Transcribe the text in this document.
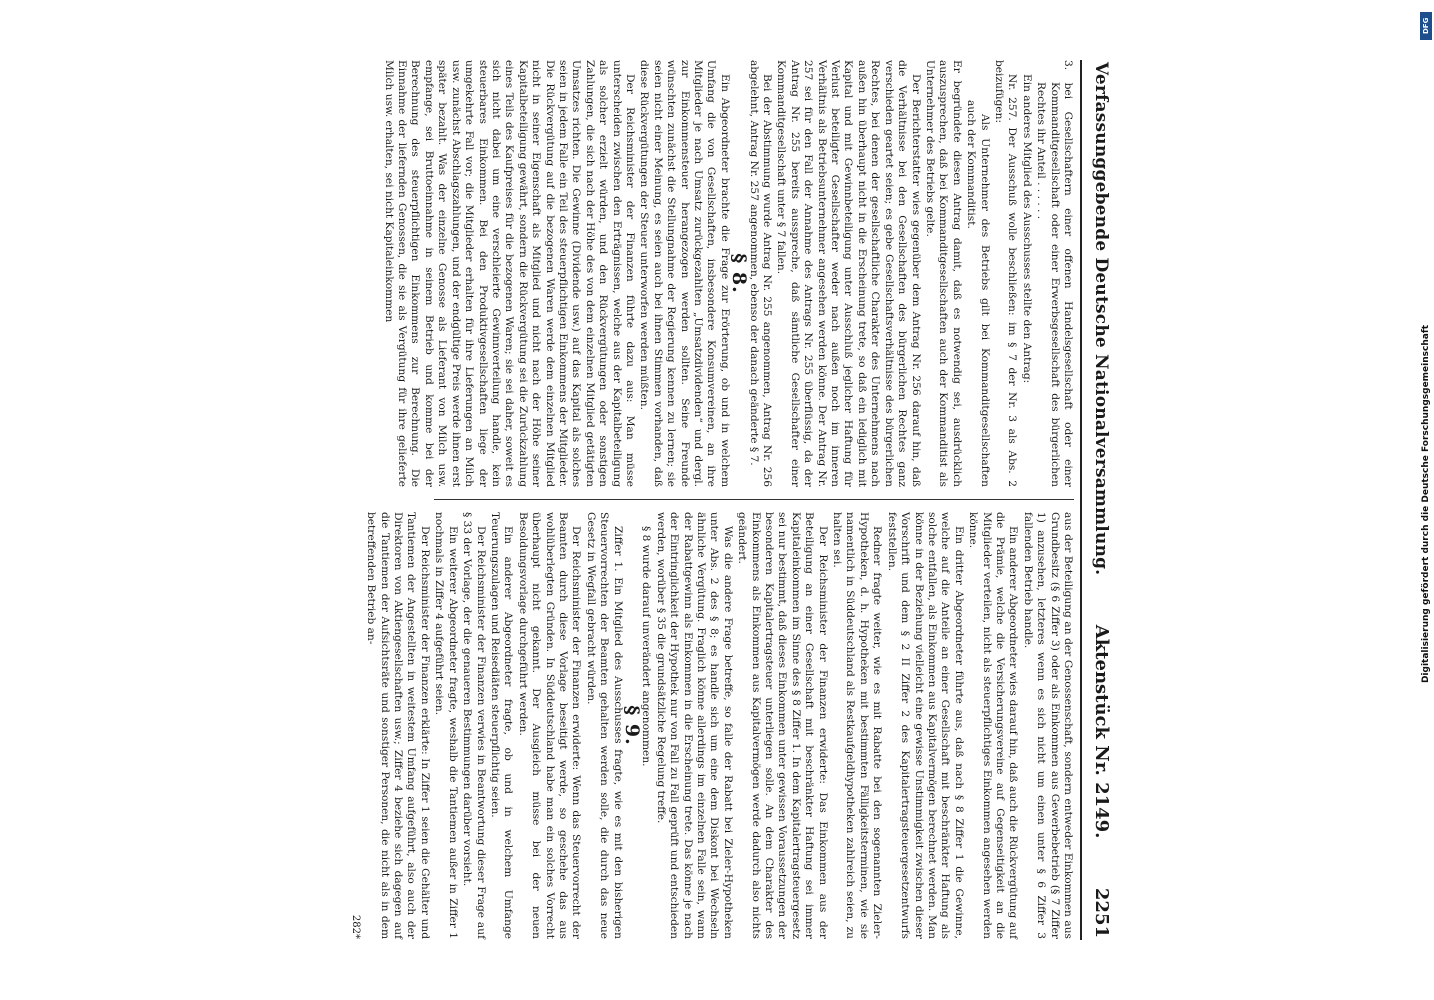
Verfassunggebende Deutsche Nationalversammlung.
Aktenstück Nr. 2149.
2251

3. bei Gesellschaftern einer offenen Handelsgesellschaft oder einer Kommanditgesellschaft oder einer Erwerbsgesellschaft des bürgerlichen Rechtes ihr Anteil . . . . . .

Ein anderes Mitglied des Ausschusses stellte den Antrag:

Nr. 257. Der Ausschuß wolle beschließen: im § 7 der Nr. 3 als Abs. 2 beizufügen:

Als Unternehmer des Betriebs gilt bei Kommanditgesellschaften auch der Kommanditist.

Er begründete diesen Antrag damit, daß es notwendig sei, ausdrücklich auszusprechen, daß bei Kommanditgesellschaften auch der Kommanditist als Unternehmer des Betriebs gelte.

Der Berichterstatter wies gegenüber dem Antrag Nr. 256 darauf hin, daß die Verhältnisse bei den Gesellschaften des bürgerlichen Rechtes ganz verschieden geartet seien; es gebe Gesellschaftsverhältnisse des bürgerlichen Rechtes, bei denen der gesellschaftliche Charakter des Unternehmens nach außen hin überhaupt nicht in die Erscheinung trete, so daß ein lediglich mit Kapital und mit Gewinnbeteiligung unter Ausschluß jeglicher Haftung für Verlust beteiligter Gesellschafter weder nach außen noch im inneren Verhältnis als Betriebsunternehmer angesehen werden könne. Der Antrag Nr. 257 sei für den Fall der Annahme des Antrags Nr. 255 überflüssig, da der Antrag Nr. 255 bereits ausspreche, daß sämtliche Gesellschafter einer Kommanditgesellschaft unter § 7 fallen.

Bei der Abstimmung wurde Antrag Nr. 255 angenommen, Antrag Nr. 256 abgelehnt, Antrag Nr. 257 angenommen, ebenso der danach geänderte § 7.

§ 8.

Ein Abgeordneter brachte die Frage zur Erörterung, ob und in welchem Umfang die von Gesellschaften, insbesondere Konsumvereinen, an ihre Mitglieder je nach Umsatz zurückgezahlten „Umsatzdividenden“ und dergl. zur Einkommensteuer herangezogen werden sollten. Seine Freunde wünschten zunächst die Stellungnahme der Regierung kennen zu lernen; sie seien nicht einer Meinung, es seien auch bei ihnen Stimmen vorhanden, daß diese Rückvergütungen der Steuer unterworfen werden müßten.

Der Reichsminister der Finanzen führte dazu aus: Man müsse unterscheiden zwischen den Erträgnissen, welche aus der Kapitalbeteiligung als solcher erzielt würden, und den Rückvergütungen oder sonstigen Zahlungen, die sich nach der Höhe des von dem einzelnen Mitglied getätigten Umsatzes richten. Die Gewinne (Dividende usw.) auf das Kapital als solches seien in jedem Falle ein Teil des steuerpflichtigen Einkommens der Mitglieder. Die Rückvergütung auf die bezogenen Waren werde dem einzelnen Mitglied nicht in seiner Eigenschaft als Mitglied und nicht nach der Höhe seiner Kapitalbeteiligung gewährt, sondern die Rückvergütung sei die Zurückzahlung eines Teils des Kaufpreises für die bezogenen Waren; sie sei daher, soweit es sich nicht dabei um eine verschleierte Gewinnverteilung handle, kein steuerbares Einkommen. Bei den Produktivgesellschaften liege der umgekehrte Fall vor; die Mitglieder erhalten für ihre Lieferungen an Milch usw. zunächst Abschlagszahlungen, und der endgültige Preis werde ihnen erst später bezahlt. Was der einzelne Genosse als Lieferant von Milch usw. empfange, sei Bruttoeinnahme in seinem Betrieb und komme bei der Berechnung des steuerpflichtigen Einkommens zur Berechnung. Die Einnahme der liefernden Genossen, die sie als Vergütung für ihre gelieferte Milch usw. erhalten, sei nicht Kapitaleinkommen

aus der Beteiligung an der Genossenschaft, sondern entweder Einkommen aus Grundbesitz (§ 6 Ziffer 3) oder als Einkommen aus Gewerbebetrieb (§ 7 Ziffer 1) anzusehen, letzteres wenn es sich nicht um einen unter § 6 Ziffer 3 fallenden Betrieb handle.

Ein anderer Abgeordneter wies darauf hin, daß auch die Rückvergütung auf die Prämie, welche die Versicherungsvereine auf Gegenseitigkeit an die Mitglieder verteilen, nicht als steuerpflichtiges Einkommen angesehen werden könne.

Ein dritter Abgeordneter führte aus, daß nach § 8 Ziffer 1 die Gewinne, welche auf die Anteile an einer Gesellschaft mit beschränkter Haftung als solche entfallen, als Einkommen aus Kapitalvermögen berechnet werden. Man könne in der Beziehung vielleicht eine gewisse Unstimmigkeit zwischen dieser Vorschrift und dem § 2 II Ziffer 2 des Kapitalertragsteuergesetzentwurfs feststellen.

Redner fragte weiter, wie es mit Rabatte bei den sogenannten Zieler-Hypotheken, d. h. Hypotheken mit bestimmten Fälligkeitsterminen, wie sie namentlich in Süddeutschland als Restkaufgeldhypotheken zahlreich seien, zu halten sei.

Der Reichsminister der Finanzen erwiderte: Das Einkommen aus der Beteiligung an einer Gesellschaft mit beschränkter Haftung sei immer Kapitaleinkommen im Sinne des § 8 Ziffer 1. In dem Kapitalertragsteuergesetz sei nur bestimmt, daß dieses Einkommen unter gewissen Voraussetzungen der besonderen Kapitalertragsteuer unterliegen solle. An dem Charakter des Einkommens als Einkommen aus Kapitalvermögen werde dadurch also nichts geändert.

Was die andere Frage betreffe, so falle der Rabatt bei Zieler-Hypotheken unter Abs. 2 des § 8; es handle sich um eine dem Diskont bei Wechseln ähnliche Vergütung. Fraglich könne allerdings im einzelnen Falle sein, wann der Rabattgewinn als Einkommen in die Erscheinung trete. Das könne je nach der Eintringlichkeit der Hypothek nur von Fall zu Fall geprüft und entschieden werden, worüber § 35 die grundsätzliche Regelung treffe.

§ 8 wurde darauf unverändert angenommen.

§ 9.

Ziffer 1. Ein Mitglied des Ausschusses fragte, wie es mit den bisherigen Steuervorrechten der Beamten gehalten werden solle, die durch das neue Gesetz in Wegfall gebracht würden.

Der Reichsminister der Finanzen erwiderte: Wenn das Steuervorrecht der Beamten durch diese Vorlage beseitigt werde, so geschehe das aus wohlüberlegten Gründen. In Süddeutschland habe man ein solches Vorrecht überhaupt nicht gekannt. Der Ausgleich müsse bei der neuen Besoldungsvorlage durchgeführt werden.

Ein anderer Abgeordneter fragte, ob und in welchem Umfange Teuerungszulagen und Reisediäten steuerpflichtig seien.

Der Reichsminister der Finanzen verwies in Beantwortung dieser Frage auf § 33 der Vorlage, der die genaueren Bestimmungen darüber vorsieht.

Ein weiterer Abgeordneter fragte, weshalb die Tantiemen außer in Ziffer 1 nochmals in Ziffer 4 aufgeführt seien.

Der Reichsminister der Finanzen erklärte: In Ziffer 1 seien die Gehälter und Tantiemen der Angestellten in weitestem Umfang aufgeführt, also auch der Direktoren von Aktiengesellschaften usw.; Ziffer 4 beziehe sich dagegen auf die Tantiemen der Aufsichtsräte und sonstiger Personen, die nicht als in dem betreffenden Betrieb an-

282*
DFG
Digitalisierung gefördert durch die Deutsche Forschungsgemeinschaft
